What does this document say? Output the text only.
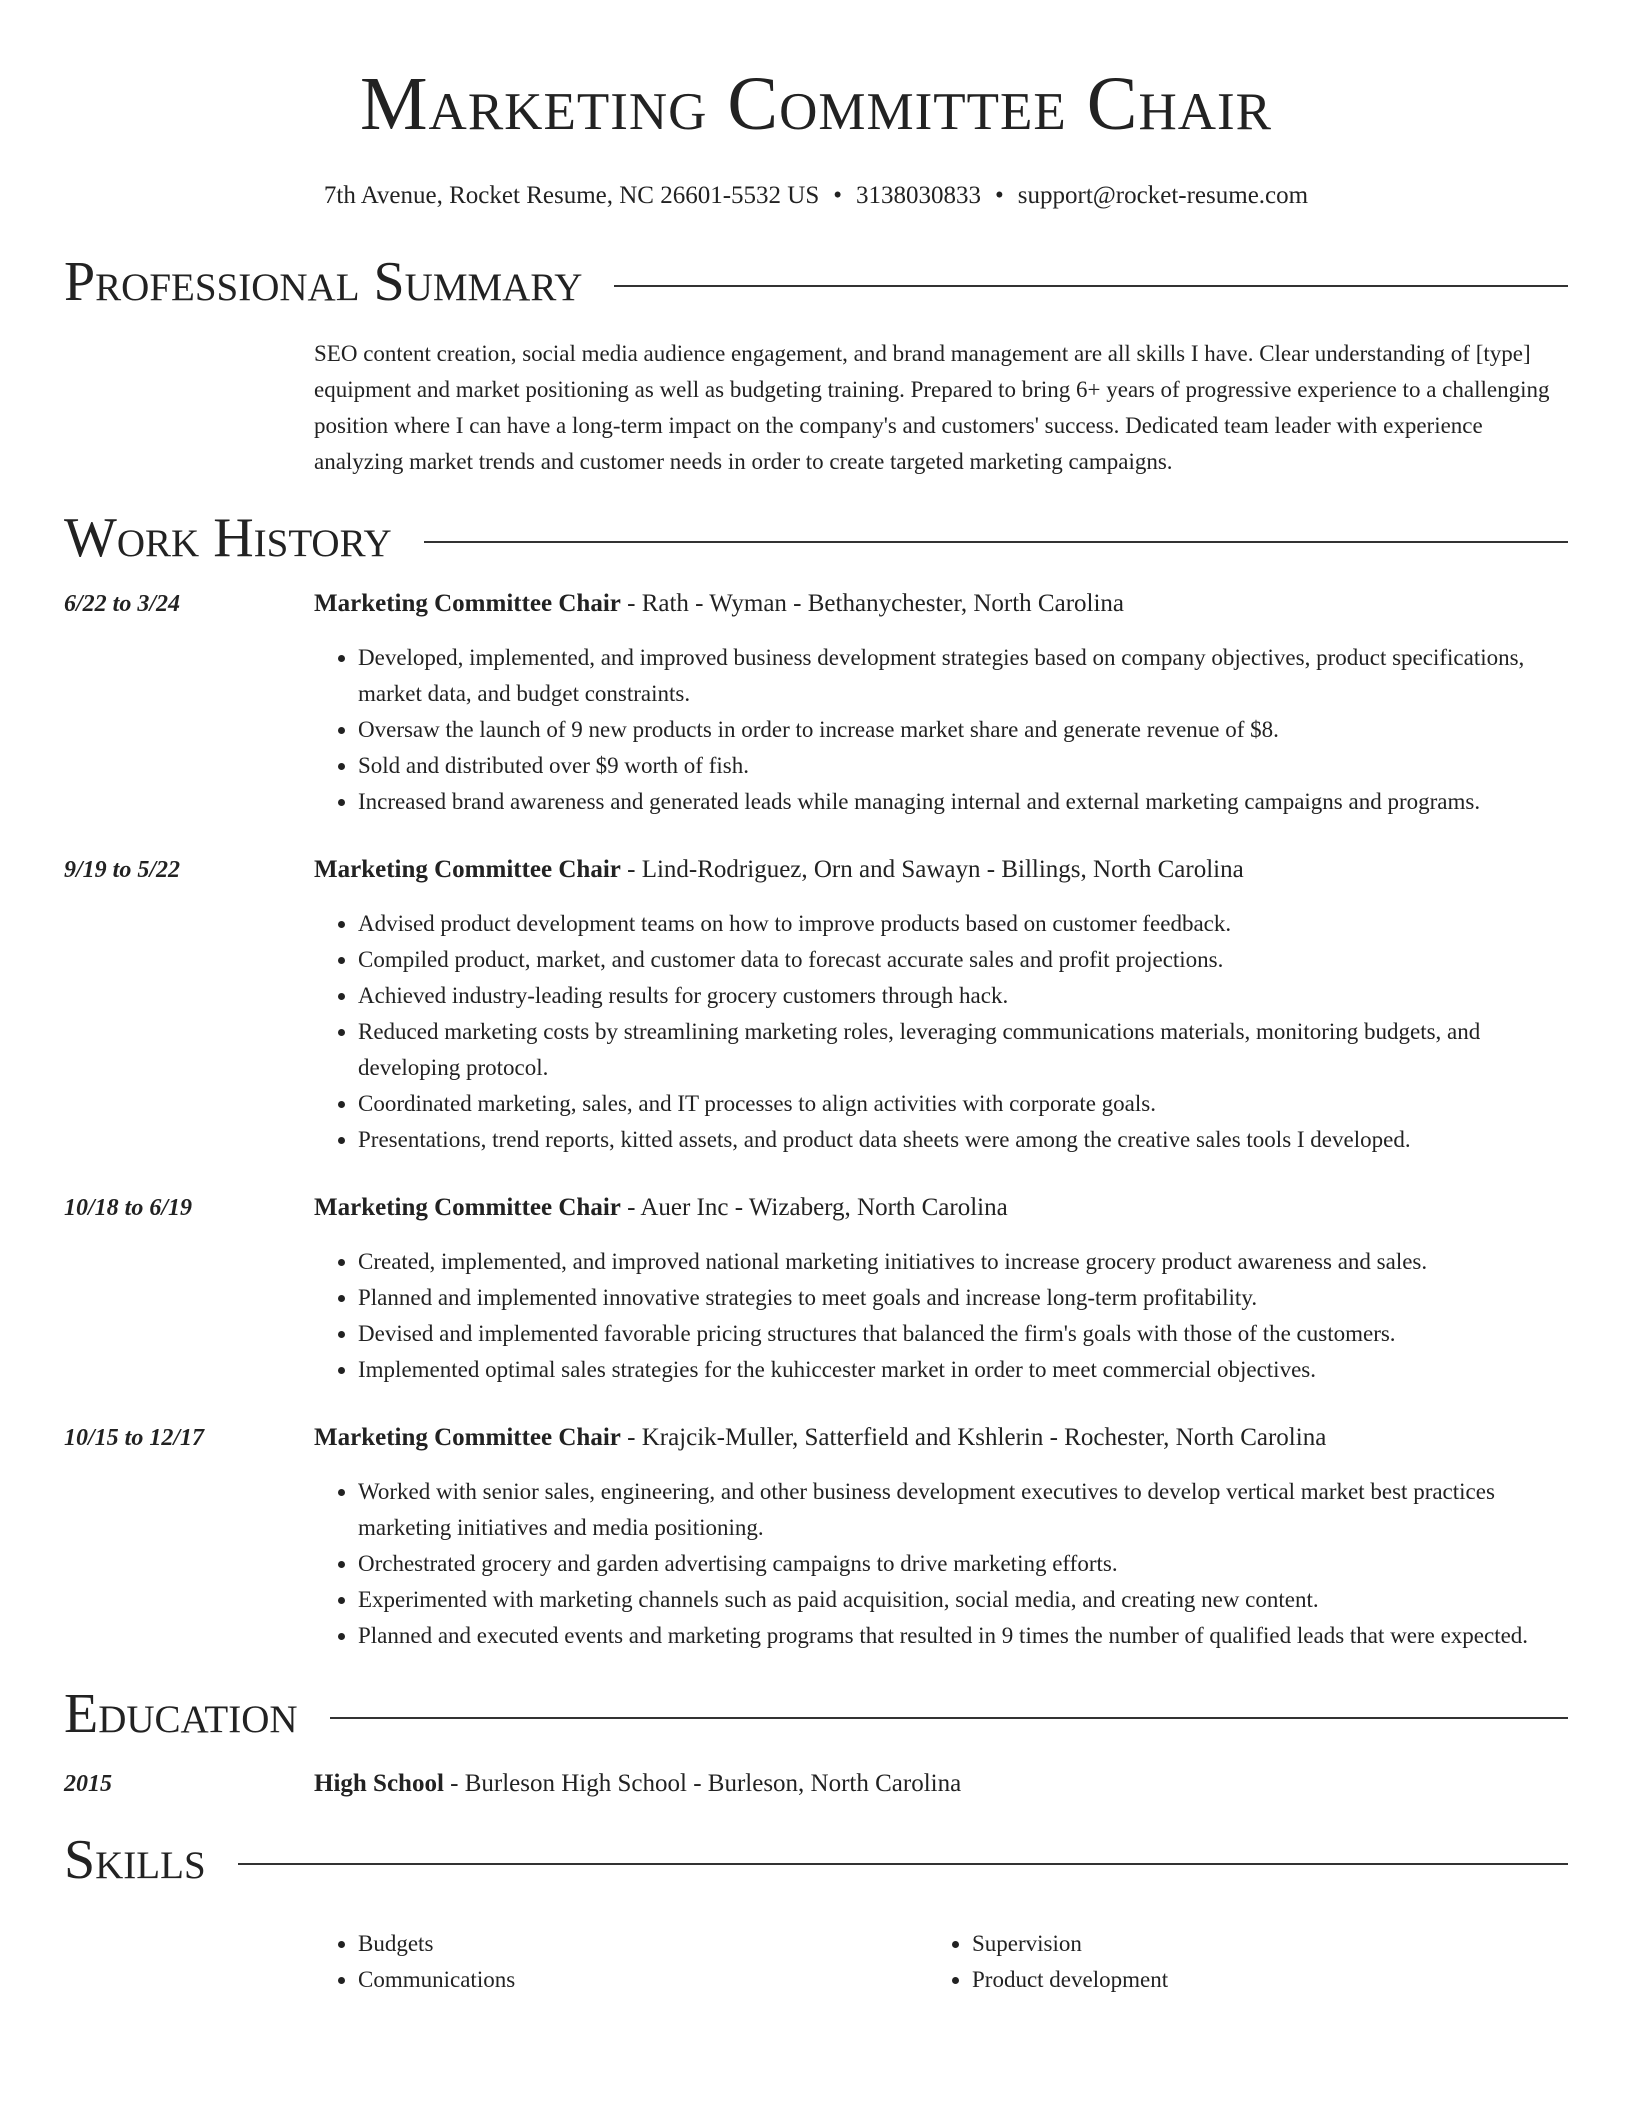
Marketing Committee Chair
7th Avenue, Rocket Resume, NC 26601-5532 US • 3138030833 • support@rocket-resume.com
Professional Summary
SEO content creation, social media audience engagement, and brand management are all skills I have. Clear understanding of [type] equipment and market positioning as well as budgeting training. Prepared to bring 6+ years of progressive experience to a challenging position where I can have a long-term impact on the company's and customers' success. Dedicated team leader with experience analyzing market trends and customer needs in order to create targeted marketing campaigns.
Work History
6/22 to 3/24	Marketing Committee Chair - Rath - Wyman - Bethanychester, North Carolina
• Developed, implemented, and improved business development strategies based on company objectives, product specifications, market data, and budget constraints.
• Oversaw the launch of 9 new products in order to increase market share and generate revenue of $8.
• Sold and distributed over $9 worth of fish.
• Increased brand awareness and generated leads while managing internal and external marketing campaigns and programs.
9/19 to 5/22	Marketing Committee Chair - Lind-Rodriguez, Orn and Sawayn - Billings, North Carolina
• Advised product development teams on how to improve products based on customer feedback.
• Compiled product, market, and customer data to forecast accurate sales and profit projections.
• Achieved industry-leading results for grocery customers through hack.
• Reduced marketing costs by streamlining marketing roles, leveraging communications materials, monitoring budgets, and developing protocol.
• Coordinated marketing, sales, and IT processes to align activities with corporate goals.
• Presentations, trend reports, kitted assets, and product data sheets were among the creative sales tools I developed.
10/18 to 6/19	Marketing Committee Chair - Auer Inc - Wizaberg, North Carolina
• Created, implemented, and improved national marketing initiatives to increase grocery product awareness and sales.
• Planned and implemented innovative strategies to meet goals and increase long-term profitability.
• Devised and implemented favorable pricing structures that balanced the firm's goals with those of the customers.
• Implemented optimal sales strategies for the kuhiccester market in order to meet commercial objectives.
10/15 to 12/17	Marketing Committee Chair - Krajcik-Muller, Satterfield and Kshlerin - Rochester, North Carolina
• Worked with senior sales, engineering, and other business development executives to develop vertical market best practices marketing initiatives and media positioning.
• Orchestrated grocery and garden advertising campaigns to drive marketing efforts.
• Experimented with marketing channels such as paid acquisition, social media, and creating new content.
• Planned and executed events and marketing programs that resulted in 9 times the number of qualified leads that were expected.
Education
2015	High School - Burleson High School - Burleson, North Carolina
Skills
• Budgets
• Communications
• Supervision
• Product development
